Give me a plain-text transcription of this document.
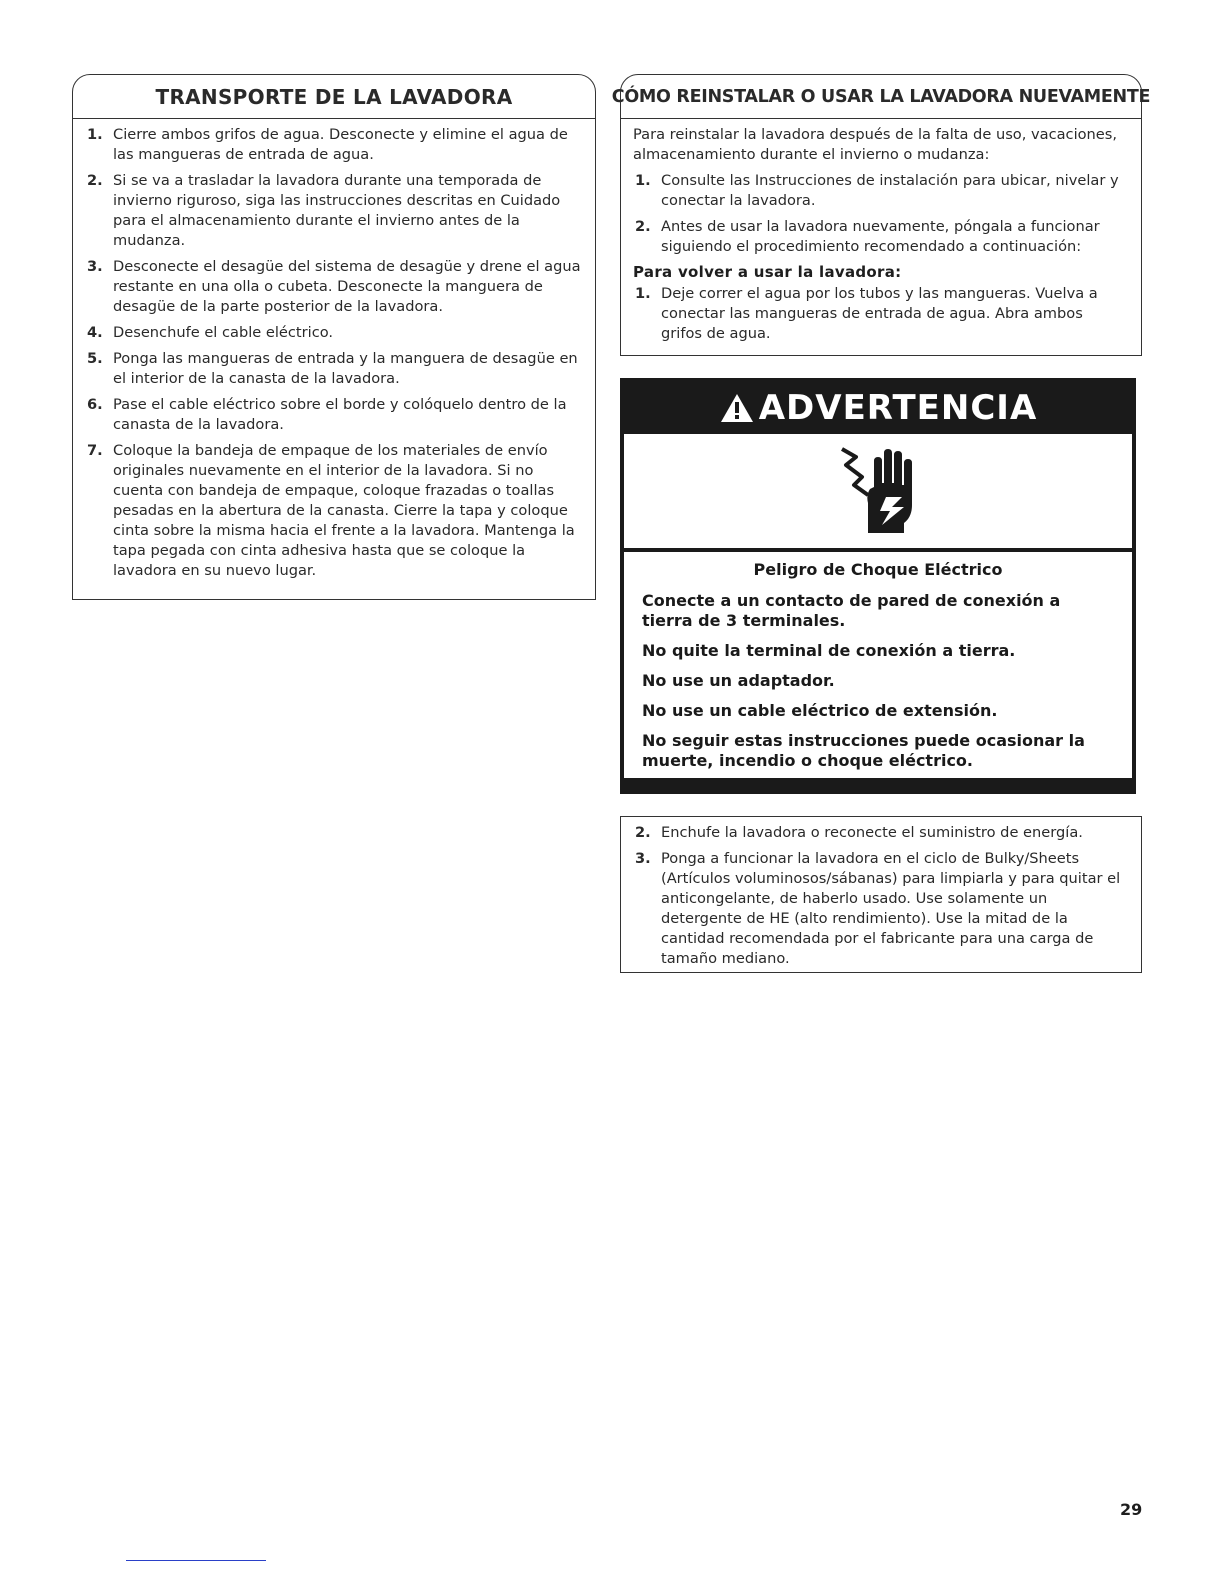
TRANSPORTE DE LA LAVADORA
1. Cierre ambos grifos de agua. Desconecte y elimine el agua de las mangueras de entrada de agua.
2. Si se va a trasladar la lavadora durante una temporada de invierno riguroso, siga las instrucciones descritas en Cuidado para el almacenamiento durante el invierno antes de la mudanza.
3. Desconecte el desagüe del sistema de desagüe y drene el agua restante en una olla o cubeta. Desconecte la manguera de desagüe de la parte posterior de la lavadora.
4. Desenchufe el cable eléctrico.
5. Ponga las mangueras de entrada y la manguera de desagüe en el interior de la canasta de la lavadora.
6. Pase el cable eléctrico sobre el borde y colóquelo dentro de la canasta de la lavadora.
7. Coloque la bandeja de empaque de los materiales de envío originales nuevamente en el interior de la lavadora. Si no cuenta con bandeja de empaque, coloque frazadas o toallas pesadas en la abertura de la canasta. Cierre la tapa y coloque cinta sobre la misma hacia el frente a la lavadora. Mantenga la tapa pegada con cinta adhesiva hasta que se coloque la lavadora en su nuevo lugar.
CÓMO REINSTALAR O USAR LA LAVADORA NUEVAMENTE

Para reinstalar la lavadora después de la falta de uso, vacaciones, almacenamiento durante el invierno o mudanza:

1. Consulte las Instrucciones de instalación para ubicar, nivelar y conectar la lavadora.
2. Antes de usar la lavadora nuevamente, póngala a funcionar siguiendo el procedimiento recomendado a continuación:

Para volver a usar la lavadora:

1. Deje correr el agua por los tubos y las mangueras. Vuelva a conectar las mangueras de entrada de agua. Abra ambos grifos de agua.
ADVERTENCIA
Peligro de Choque Eléctrico
Conecte a un contacto de pared de conexión a tierra de 3 terminales.
No quite la terminal de conexión a tierra.
No use un adaptador.
No use un cable eléctrico de extensión.
No seguir estas instrucciones puede ocasionar la muerte, incendio o choque eléctrico.
2. Enchufe la lavadora o reconecte el suministro de energía.
3. Ponga a funcionar la lavadora en el ciclo de Bulky/Sheets (Artículos voluminosos/sábanas) para limpiarla y para quitar el anticongelante, de haberlo usado. Use solamente un detergente de HE (alto rendimiento). Use la mitad de la cantidad recomendada por el fabricante para una carga de tamaño mediano.
29
